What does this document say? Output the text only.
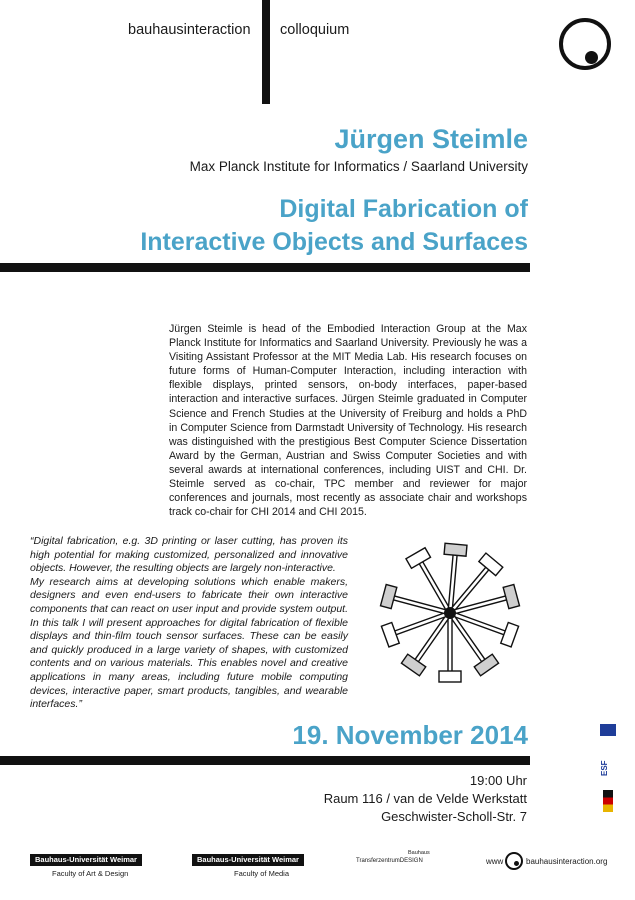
bauhausinteraction colloquium
Jürgen Steimle
Max Planck Institute for Informatics / Saarland University
Digital Fabrication of
Interactive Objects and Surfaces
Jürgen Steimle is head of the Embodied Interaction Group at the Max Planck Institute for Informatics and Saarland University. Previously he was a Visiting Assistant Professor at the MIT Media Lab. His research focuses on future forms of Human-Computer Interaction, including interaction with flexible displays, printed sensors, on-body interfaces, paper-based interaction and interactive surfaces. Jürgen Steimle graduated in Computer Science and French Studies at the University of Freiburg and holds a PhD in Computer Science from Darmstadt University of Technology. His research was distinguished with the prestigious Best Computer Science Dissertation Award by the German, Austrian and Swiss Computer Societies and with several awards at international conferences, including UIST and CHI. Dr. Steimle served as co-chair, TPC member and reviewer for major conferences and journals, most recently as associate chair and workshops track co-chair for CHI 2014 and CHI 2015.

“Digital fabrication, e.g. 3D printing or laser cutting, has proven its high potential for making customized, personalized and innovative objects. However, the resulting objects are largely non-interactive.

My research aims at developing solutions which enable makers, designers and even end-users to fabricate their own interactive components that can react on user input and provide system output. In this talk I will present approaches for digital fabrication of flexible displays and thin-film touch sensor surfaces. These can be easily and quickly produced in a large variety of shapes, with customized contents and on various materials. This enables novel and creative applications in many areas, including future mobile computing devices, interactive paper, smart products, tangibles, and wearable interfaces.”

19. November 2014
19:00 Uhr
Raum 116 / van de Velde Werkstatt
Geschwister-Scholl-Str. 7
ESF
Bauhaus-Universität Weimar
Faculty of Art & Design
Bauhaus-Universität Weimar
Faculty of Media
Bauhaus
TransferzentrumDESIGN	www	bauhausinteraction.org
